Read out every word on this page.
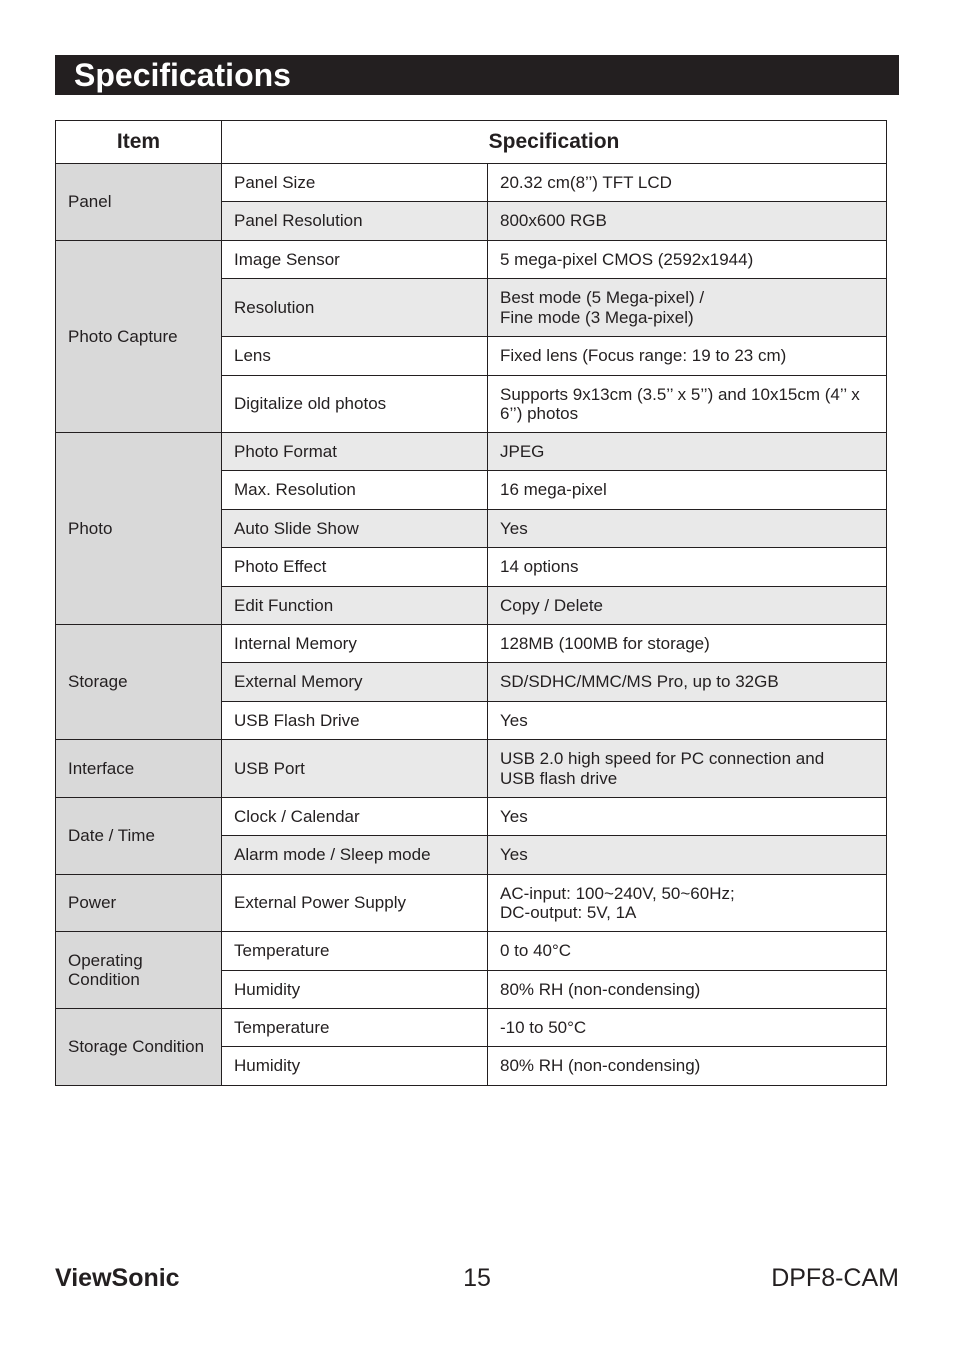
Specifications
Item	Specification	
Panel	Panel Size	20.32 cm(8’’) TFT LCD
	Panel Resolution	800x600 RGB
Photo Capture	Image Sensor	5 mega-pixel CMOS (2592x1944)
	Resolution	Best mode (5 Mega-pixel) /
Fine mode (3 Mega-pixel)
	Lens	Fixed lens (Focus range: 19 to 23 cm)
	Digitalize old photos	Supports 9x13cm (3.5’’ x 5’’) and 10x15cm (4’’ x 6’’) photos
Photo	Photo Format	JPEG
	Max. Resolution	16 mega-pixel
	Auto Slide Show	Yes
	Photo Effect	14 options
	Edit Function	Copy / Delete
Storage	Internal Memory	128MB (100MB for storage)
	External Memory	SD/SDHC/MMC/MS Pro, up to 32GB
	USB Flash Drive	Yes
Interface	USB Port	USB 2.0 high speed for PC connection and
USB flash drive
Date / Time	Clock / Calendar	Yes
	Alarm mode / Sleep mode	Yes
Power	External Power Supply	AC-input: 100~240V, 50~60Hz;
DC-output: 5V, 1A
Operating
Condition	Temperature	0 to 40°C
	Humidity	80% RH (non-condensing)
Storage Condition	Temperature	-10 to 50°C
	Humidity	80% RH (non-condensing)
ViewSonic	15	DPF8-CAM
